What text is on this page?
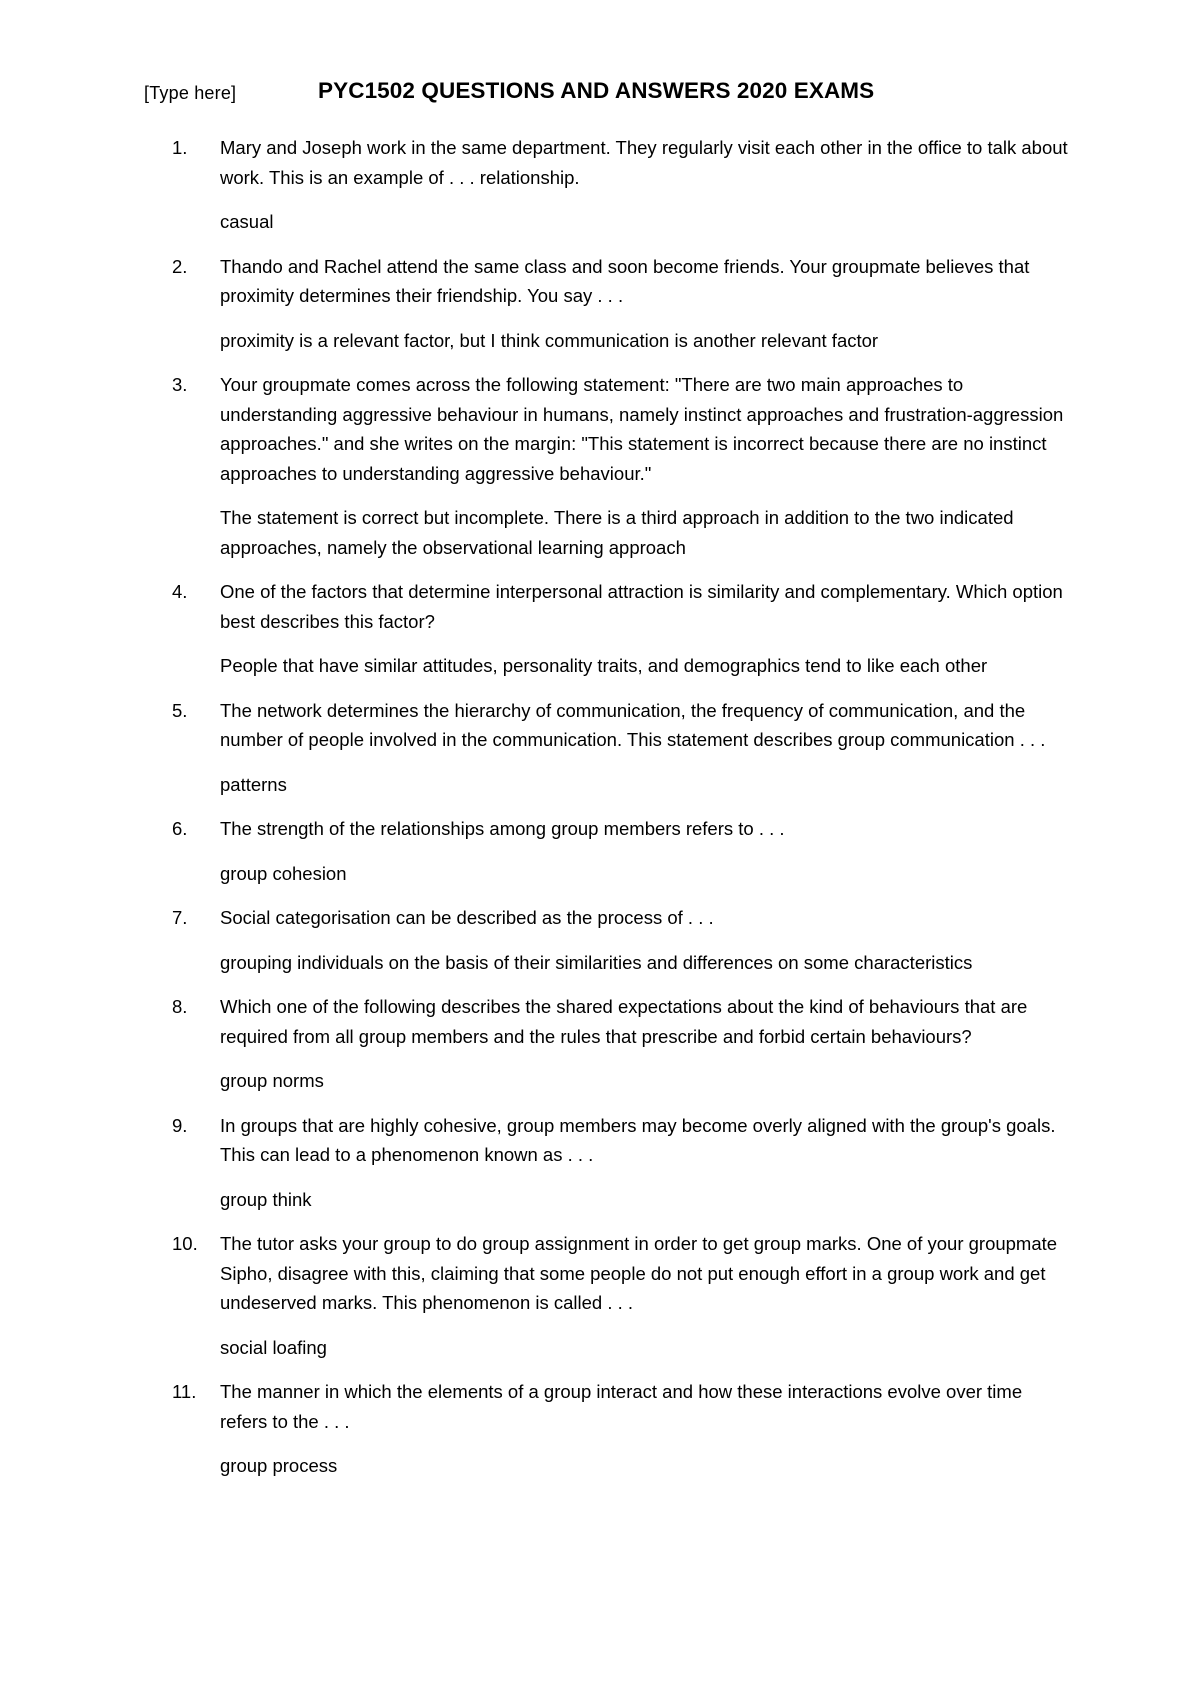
[Type here]	PYC1502 QUESTIONS AND ANSWERS 2020 EXAMS
1.	Mary and Joseph work in the same department. They regularly visit each other in the office to talk about work. This is an example of . . . relationship.

casual

2.	Thando and Rachel attend the same class and soon become friends. Your groupmate believes that proximity determines their friendship. You say . . .

proximity is a relevant factor, but I think communication is another relevant factor

3.	Your groupmate comes across the following statement: "There are two main approaches to understanding aggressive behaviour in humans, namely instinct approaches and frustration-aggression approaches." and she writes on the margin: "This statement is incorrect because there are no instinct approaches to understanding aggressive behaviour."

The statement is correct but incomplete. There is a third approach in addition to the two indicated approaches, namely the observational learning approach

4.	One of the factors that determine interpersonal attraction is similarity and complementary. Which option best describes this factor?

People that have similar attitudes, personality traits, and demographics tend to like each other

5.	The network determines the hierarchy of communication, the frequency of communication, and the number of people involved in the communication. This statement describes group communication . . .

patterns

6.	The strength of the relationships among group members refers to . . .

group cohesion

7.	Social categorisation can be described as the process of . . .

grouping individuals on the basis of their similarities and differences on some characteristics

8.	Which one of the following describes the shared expectations about the kind of behaviours that are required from all group members and the rules that prescribe and forbid certain behaviours?

group norms

9.	In groups that are highly cohesive, group members may become overly aligned with the group's goals. This can lead to a phenomenon known as . . .

group think

10.	The tutor asks your group to do group assignment in order to get group marks. One of your groupmate Sipho, disagree with this, claiming that some people do not put enough effort in a group work and get undeserved marks. This phenomenon is called . . .

social loafing

11.	The manner in which the elements of a group interact and how these interactions evolve over time refers to the . . .

group process
